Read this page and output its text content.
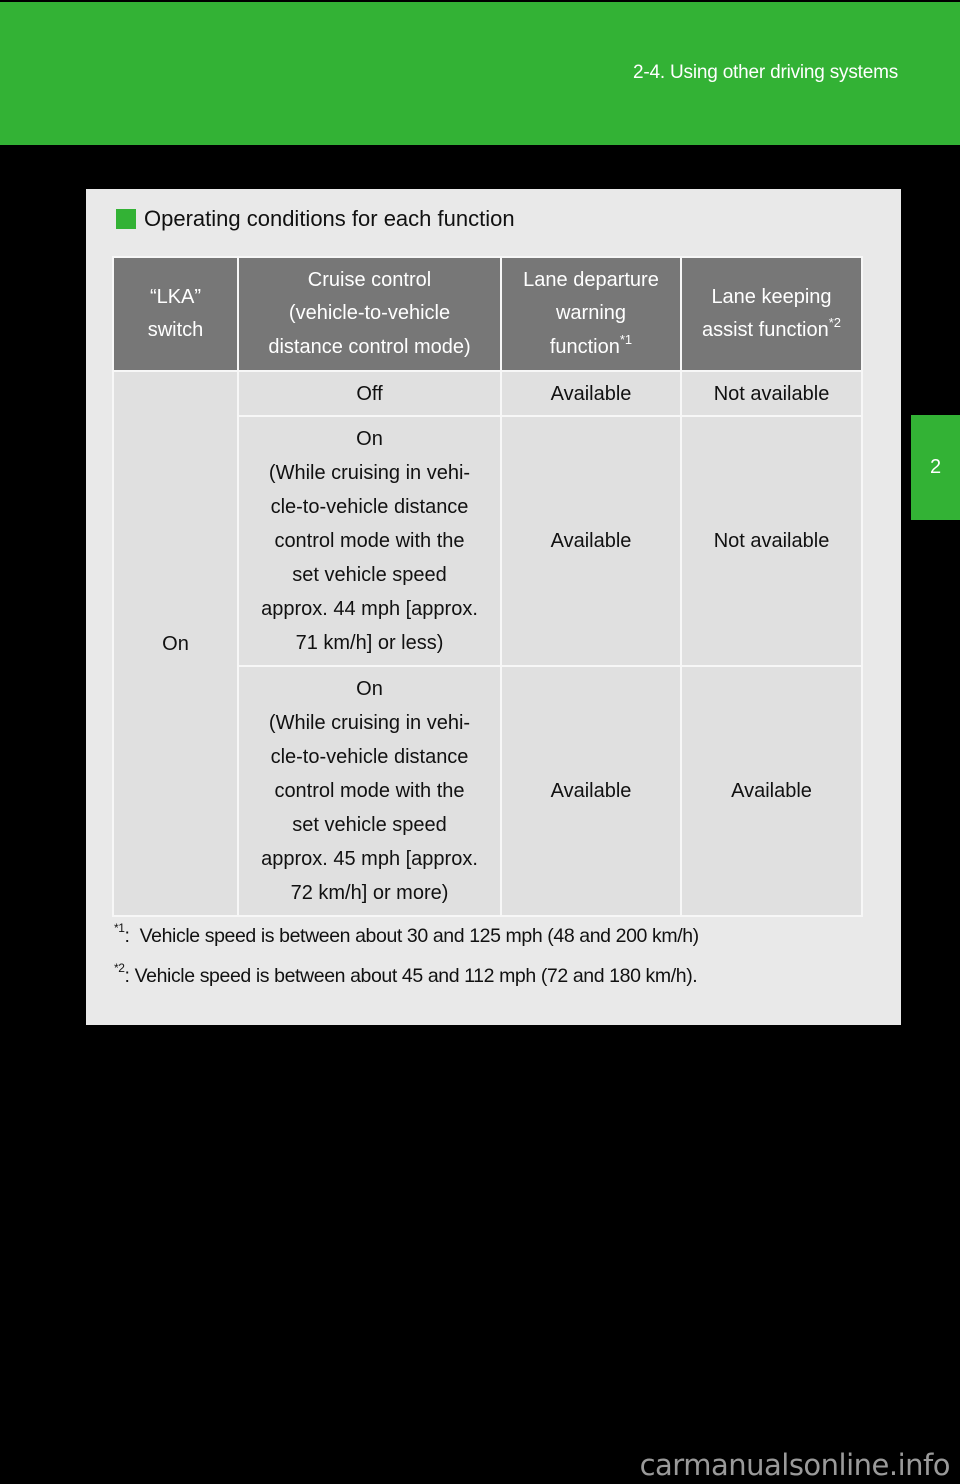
2-4. Using other driving systems
2
Operating conditions for each function
“LKA”
switch	Cruise control
(vehicle-to-vehicle
distance control mode)	Lane departure
warning
function$^{*1}$	Lane keeping
assist function$^{*2}$
On	Off	Available	Not available
On
(While cruising in vehi-
cle-to-vehicle distance
control mode with the
set vehicle speed
approx. 44 mph [approx.
71 km/h] or less)	Available	Not available
On
(While cruising in vehi-
cle-to-vehicle distance
control mode with the
set vehicle speed
approx. 45 mph [approx.
72 km/h] or more)	Available	Available
$^{*1}$: Vehicle speed is between about 30 and 125 mph (48 and 200 km/h)
$^{*2}$: Vehicle speed is between about 45 and 112 mph (72 and 180 km/h).
carmanualsonline.info
